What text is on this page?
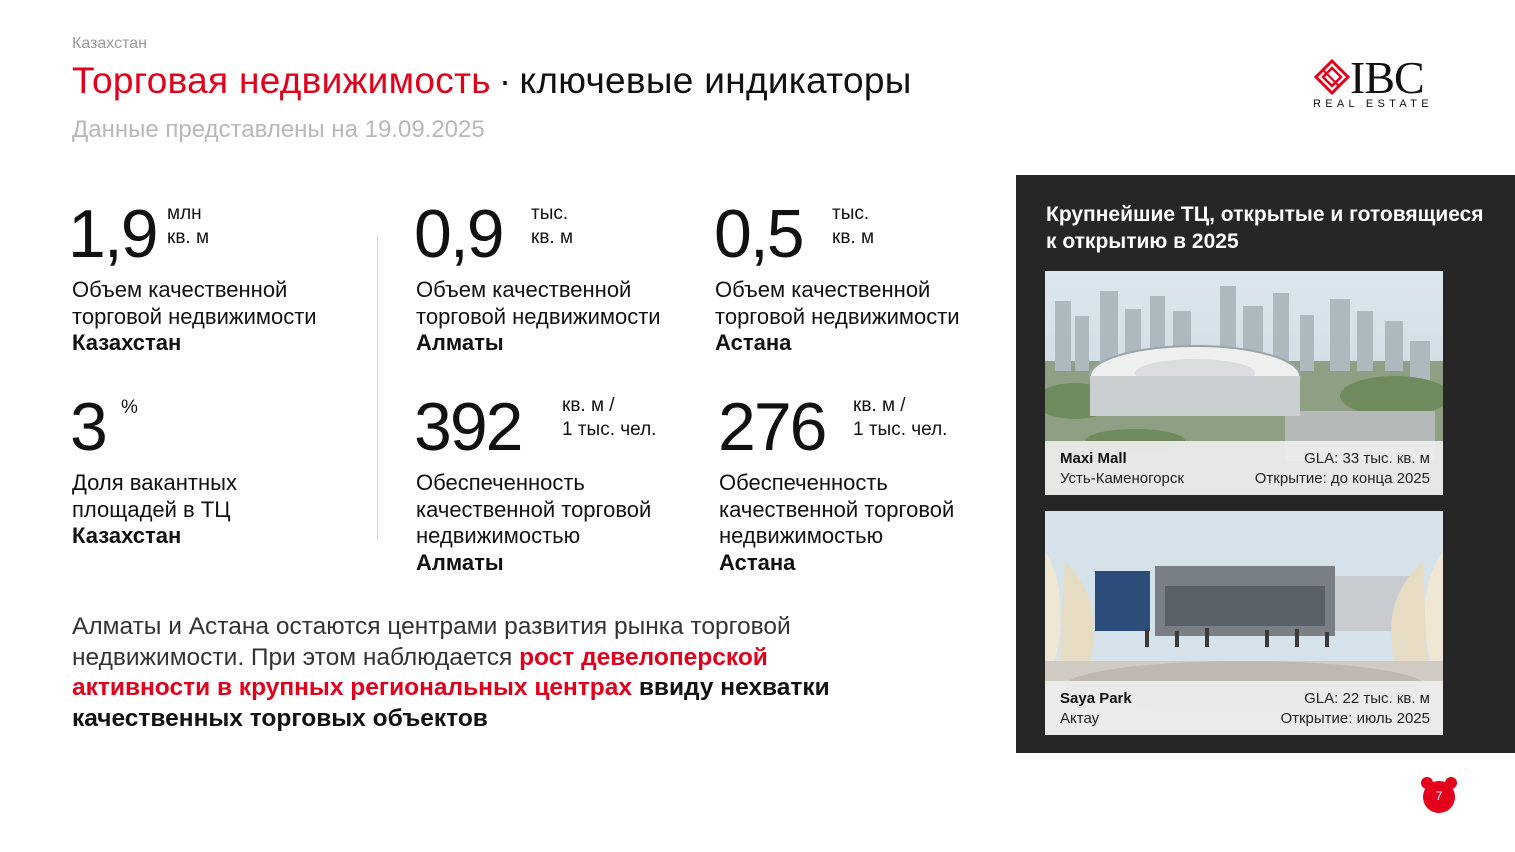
Казахстан
Торговая недвижимость · ключевые индикаторы
Данные представлены на 19.09.2025
IBC
REAL ESTATE
1,9 млн
кв. м
Объем качественной
торговой недвижимости
Казахстан
0,9 тыс.
кв. м
Объем качественной
торговой недвижимости
Алматы
0,5 тыс.
кв. м
Объем качественной
торговой недвижимости
Астана
3 %
Доля вакантных
площадей в ТЦ
Казахстан
392 кв. м /
1 тыс. чел.
Обеспеченность
качественной торговой
недвижимостью
Алматы
276 кв. м /
1 тыс. чел.
Обеспеченность
качественной торговой
недвижимостью
Астана
Алматы и Астана остаются центрами развития рынка торговой недвижимости. При этом наблюдается рост девелоперской активности в крупных региональных центрах ввиду нехватки качественных торговых объектов
Крупнейшие ТЦ, открытые и готовящиеся к открытию в 2025
Maxi Mall
Усть-Каменогорск
GLA: 33 тыс. кв. м
Открытие: до конца 2025
Saya Park
Актау
GLA: 22 тыс. кв. м
Открытие: июль 2025
7
